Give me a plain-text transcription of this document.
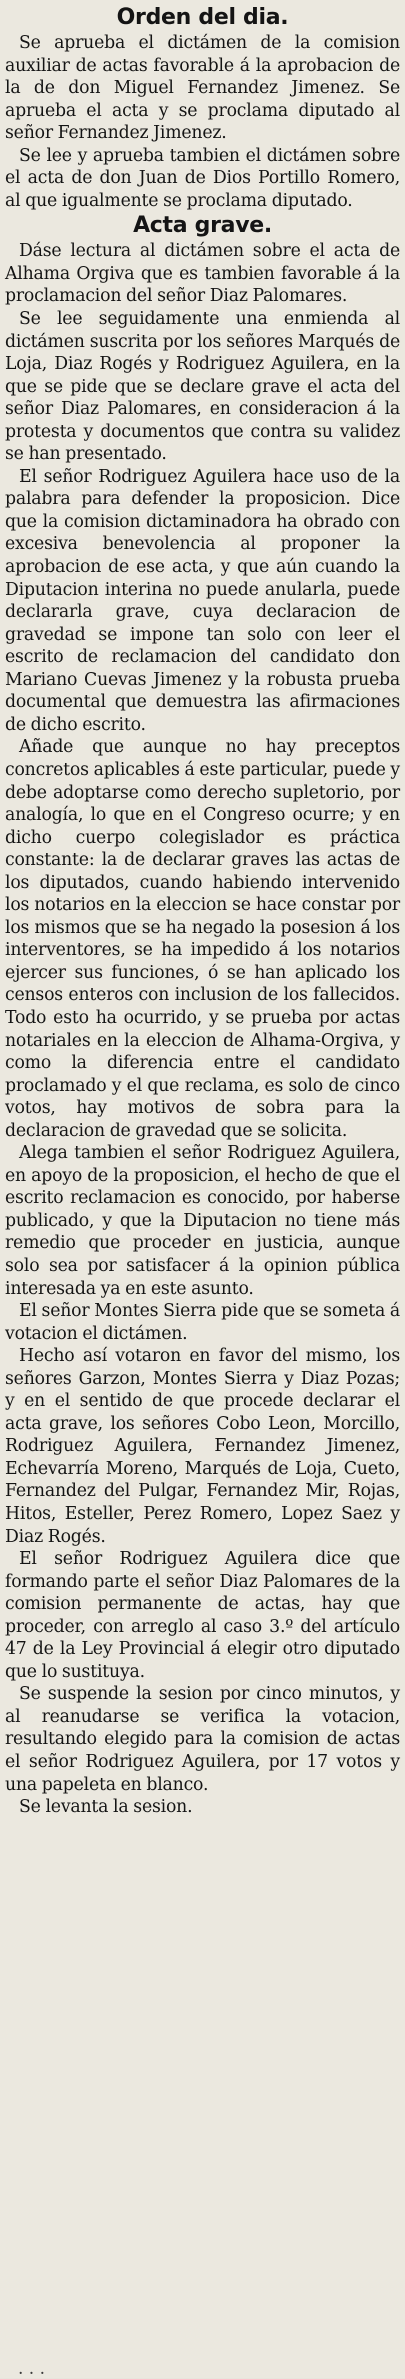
Orden del dia.

Se aprueba el dictámen de la comision auxiliar de actas favorable á la aprobacion de la de don Miguel Fernandez Jimenez. Se aprueba el acta y se proclama diputado al señor Fernandez Jimenez.

Se lee y aprueba tambien el dictámen sobre el acta de don Juan de Dios Portillo Romero, al que igualmente se proclama diputado.

Acta grave.

Dáse lectura al dictámen sobre el acta de Alhama Orgiva que es tambien favorable á la proclamacion del señor Diaz Palomares.

Se lee seguidamente una enmienda al dictámen suscrita por los señores Marqués de Loja, Diaz Rogés y Rodriguez Aguilera, en la que se pide que se declare grave el acta del señor Diaz Palomares, en consideracion á la protesta y documentos que contra su validez se han presentado.

El señor Rodriguez Aguilera hace uso de la palabra para defender la proposicion. Dice que la comision dictaminadora ha obrado con excesiva benevolencia al proponer la aprobacion de ese acta, y que aún cuando la Diputacion interina no puede anularla, puede declararla grave, cuya declaracion de gravedad se impone tan solo con leer el escrito de reclamacion del candidato don Mariano Cuevas Jimenez y la robusta prueba documental que demuestra las afirmaciones de dicho escrito.

Añade que aunque no hay preceptos concretos aplicables á este particular, puede y debe adoptarse como derecho supletorio, por analogía, lo que en el Congreso ocurre; y en dicho cuerpo colegislador es práctica constante: la de declarar graves las actas de los diputados, cuando habiendo intervenido los notarios en la eleccion se hace constar por los mismos que se ha negado la posesion á los interventores, se ha impedido á los notarios ejercer sus funciones, ó se han aplicado los censos enteros con inclusion de los fallecidos. Todo esto ha ocurrido, y se prueba por actas notariales en la eleccion de Alhama-Orgiva, y como la diferencia entre el candidato proclamado y el que reclama, es solo de cinco votos, hay motivos de sobra para la declaracion de gravedad que se solicita.

Alega tambien el señor Rodriguez Aguilera, en apoyo de la proposicion, el hecho de que el escrito reclamacion es conocido, por haberse publicado, y que la Diputacion no tiene más remedio que proceder en justicia, aunque solo sea por satisfacer á la opinion pública interesada ya en este asunto.

El señor Montes Sierra pide que se someta á votacion el dictámen.

Hecho así votaron en favor del mismo, los señores Garzon, Montes Sierra y Diaz Pozas; y en el sentido de que procede declarar el acta grave, los señores Cobo Leon, Morcillo, Rodriguez Aguilera, Fernandez Jimenez, Echevarría Moreno, Marqués de Loja, Cueto, Fernandez del Pulgar, Fernandez Mir, Rojas, Hitos, Esteller, Perez Romero, Lopez Saez y Diaz Rogés.

El señor Rodriguez Aguilera dice que formando parte el señor Diaz Palomares de la comision permanente de actas, hay que proceder, con arreglo al caso 3.º del artículo 47 de la Ley Provincial á elegir otro diputado que lo sustituya.

Se suspende la sesion por cinco minutos, y al reanudarse se verifica la votacion, resultando elegido para la comision de actas el señor Rodriguez Aguilera, por 17 votos y una papeleta en blanco.

Se levanta la sesion.

. . .
